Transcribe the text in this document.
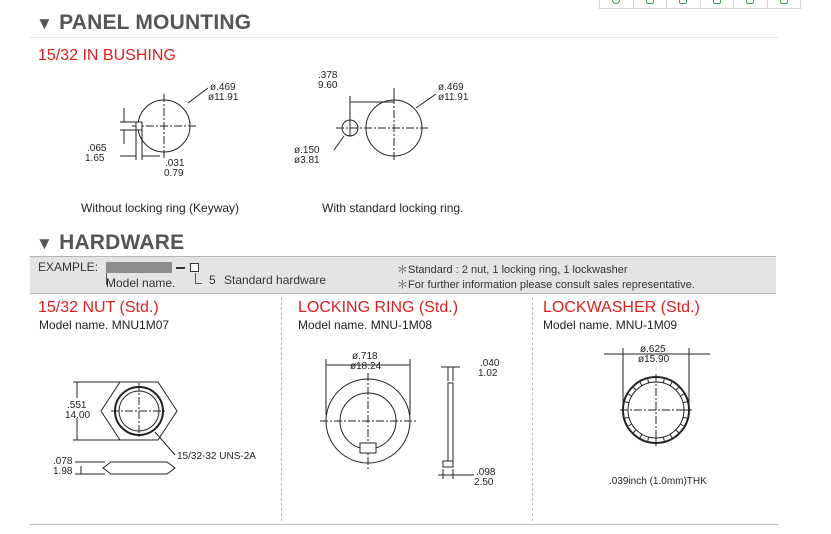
▼ PANEL MOUNTING
15/32 IN BUSHING
ø.469
ø11.91
.065
1.65	.031
0.79
Without locking ring (Keyway)
.378
9.60	ø.469
ø11.91
ø.150
ø3.81
With standard locking ring.
▼ HARDWARE
EXAMPLE:
Model name.	5 Standard hardware
＊Standard : 2 nut, 1 locking ring, 1 lockwasher
＊For further information please consult sales representative.
15/32 NUT (Std.)
Model name. MNU1M07
.551
14.00
15/32-32 UNS-2A
.078
1.98
LOCKING RING (Std.)
Model name. MNU-1M08
ø.718
ø18.24	.040
1.02
.098
2.50
LOCKWASHER (Std.)
Model name. MNU-1M09
ø.625
ø15.90
.039inch (1.0mm)THK
